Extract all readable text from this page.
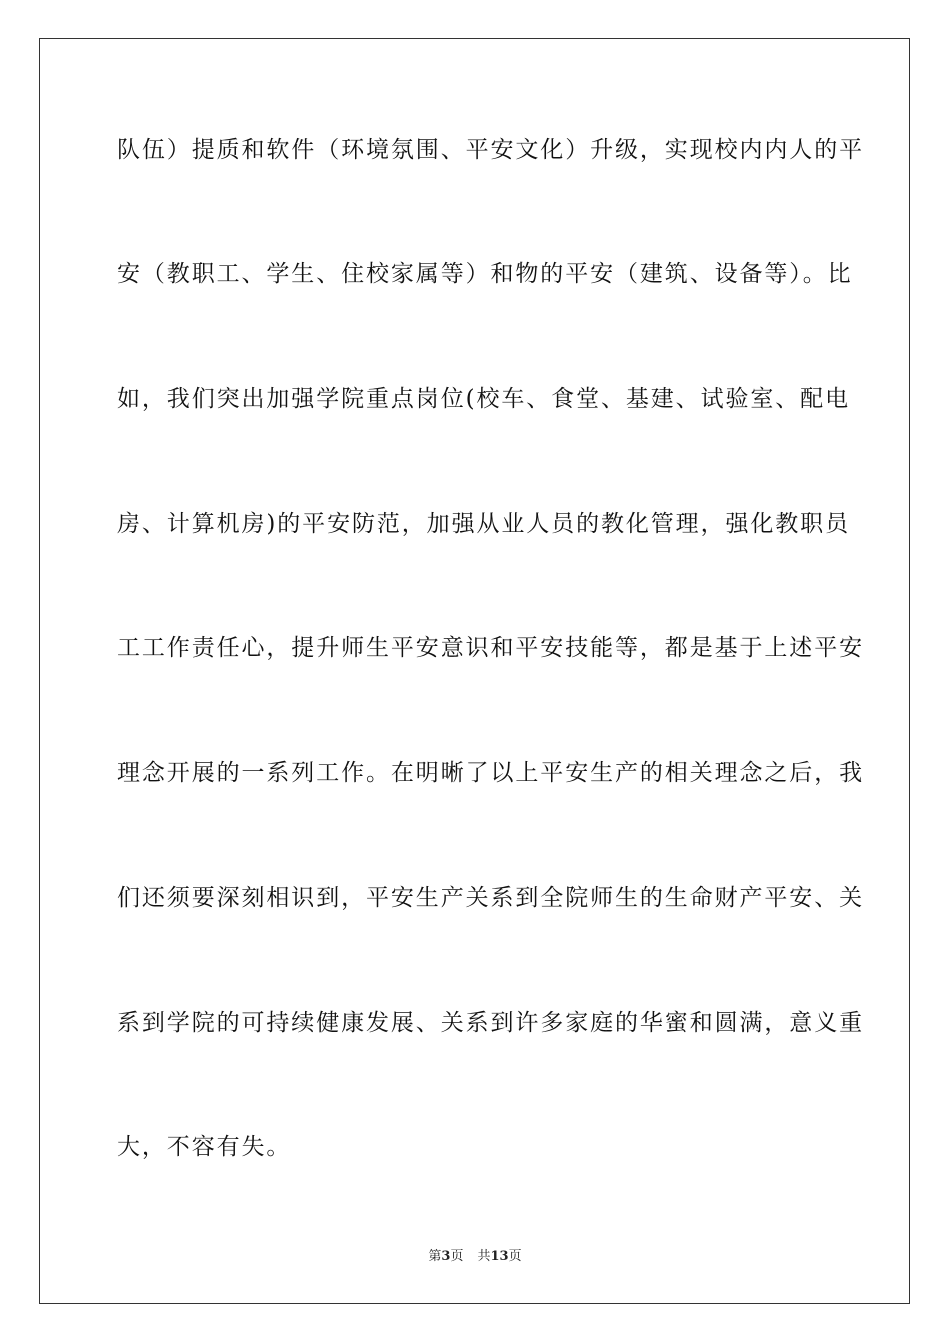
队伍）提质和软件（环境氛围、平安文化）升级，实现校内内人的平
安（教职工、学生、住校家属等）和物的平安（建筑、设备等）。比
如，我们突出加强学院重点岗位(校车、食堂、基建、试验室、配电
房、计算机房)的平安防范，加强从业人员的教化管理，强化教职员
工工作责任心，提升师生平安意识和平安技能等，都是基于上述平安
理念开展的一系列工作。在明晰了以上平安生产的相关理念之后，我
们还须要深刻相识到，平安生产关系到全院师生的生命财产平安、关
系到学院的可持续健康发展、关系到许多家庭的华蜜和圆满，意义重
大，不容有失。
第3页 共13页
